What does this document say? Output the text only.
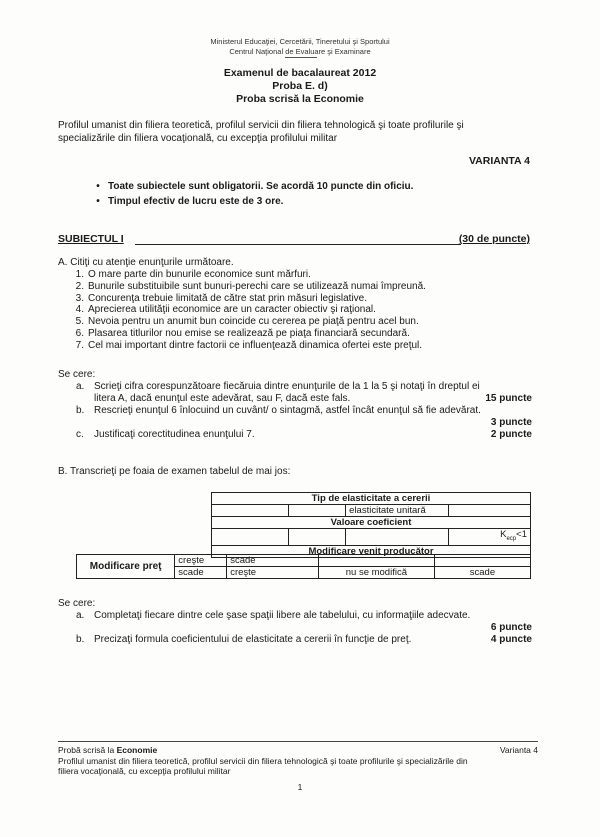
Ministerul Educaţiei, Cercetării, Tineretului şi Sportului
Centrul Naţional de Evaluare şi Examinare
Examenul de bacalaureat 2012
Proba E. d)
Proba scrisă la Economie
Profilul umanist din filiera teoretică, profilul servicii din filiera tehnologică şi toate profilurile şi
specializările din filiera vocaţională, cu excepţia profilului militar
VARIANTA 4
• Toate subiectele sunt obligatorii. Se acordă 10 puncte din oficiu.
• Timpul efectiv de lucru este de 3 ore.
SUBIECTUL I	(30 de puncte)
A. Citiţi cu atenţie enunţurile următoare.
1. O mare parte din bunurile economice sunt mărfuri.
2. Bunurile substituibile sunt bunuri-perechi care se utilizează numai împreună.
3. Concurenţa trebuie limitată de către stat prin măsuri legislative.
4. Aprecierea utilităţii economice are un caracter obiectiv şi raţional.
5. Nevoia pentru un anumit bun coincide cu cererea pe piaţă pentru acel bun.
6. Plasarea titlurilor nou emise se realizează pe piaţa financiară secundară.
7. Cel mai important dintre factorii ce influenţează dinamica ofertei este preţul.
Se cere:
a. Scrieţi cifra corespunzătoare fiecăruia dintre enunţurile de la 1 la 5 şi notaţi în dreptul ei
litera A, dacă enunţul este adevărat, sau F, dacă este fals.	15 puncte
b. Rescrieţi enunţul 6 înlocuind un cuvânt/ o sintagmă, astfel încât enunţul să fie adevărat.
3 puncte
c. Justificaţi corectitudinea enunţului 7.	2 puncte
B. Transcrieţi pe foaia de examen tabelul de mai jos:
Tip de elasticitate a cererii			
		elasticitate unitară	
Valoare coeficient			
			$K_{ecp}<1$
Modificare venit producător			
Modificare preţ	creşte	scade		
	scade	creşte	nu se modifică	scade
Se cere:
a. Completaţi fiecare dintre cele şase spaţii libere ale tabelului, cu informaţiile adecvate.
6 puncte
b. Precizaţi formula coeficientului de elasticitate a cererii în funcţie de preţ.	4 puncte
Probă scrisă la Economie	Varianta 4
Profilul umanist din filiera teoretică, profilul servicii din filiera tehnologică şi toate profilurile şi specializările din
filiera vocaţională, cu excepţia profilului militar
1
